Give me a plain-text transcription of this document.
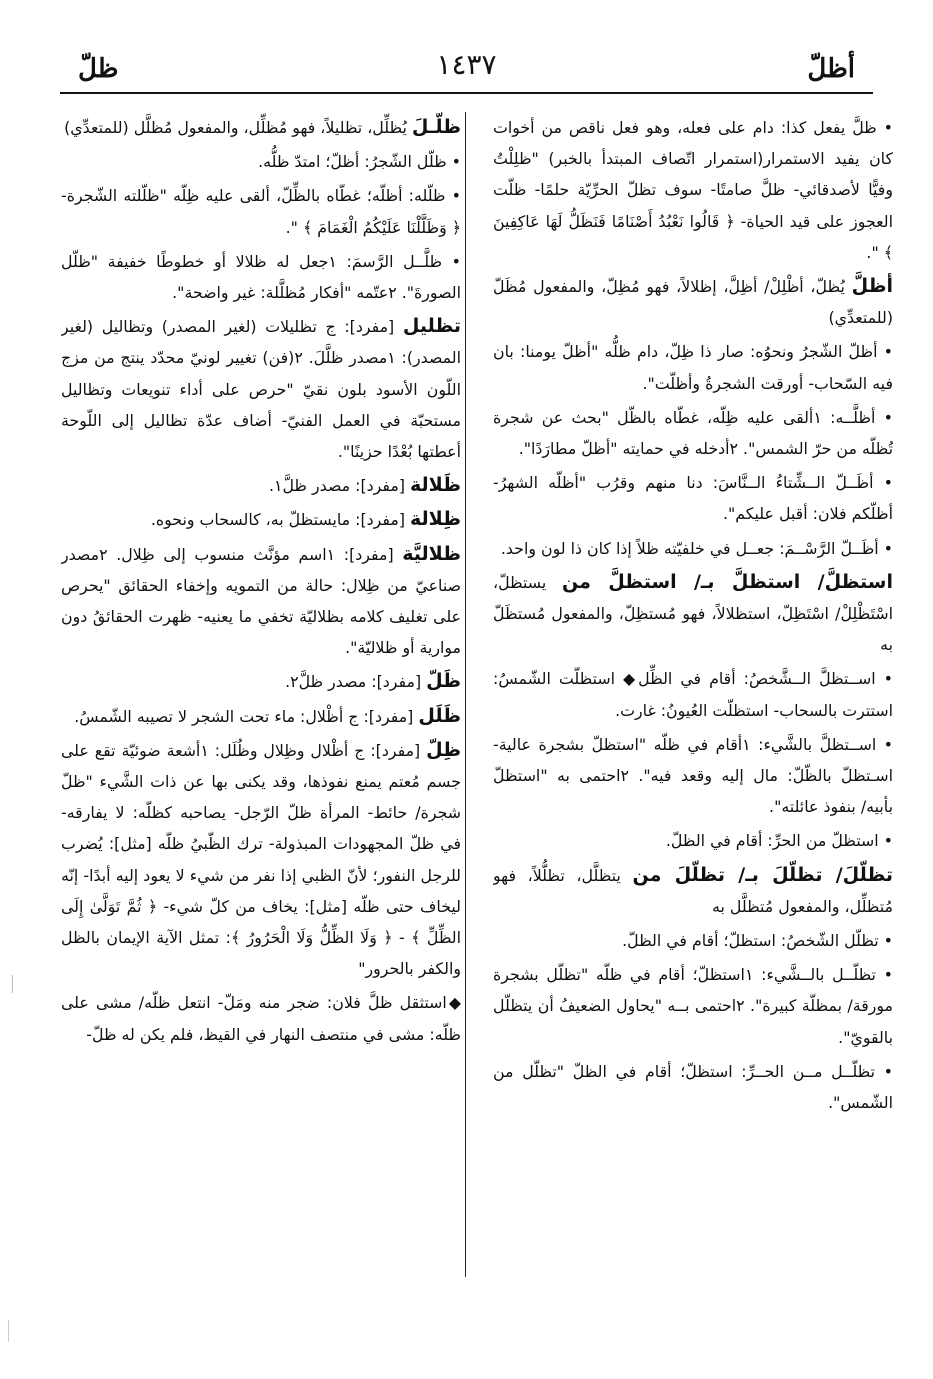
أظلّ
١٤٣٧
ظلّ

• ظلَّ يفعل كذا: دام على فعله، وهو فعل ناقص من أخوات كان يفيد الاستمرار(استمرار اتّصاف المبتدأ بالخبر) "ظلِلْتُ وفيًّا لأصدقائي- ظلَّ صامتًا- سوف تظلّ الحرِّيّة حلمًا- ظلّت العجوز على قيد الحياة- ﴿ قَالُوا نَعْبُدُ أَصْنَامًا فَنَظَلُّ لَهَا عَاكِفِينَ ﴾ ".

أظلَّ يُظلّ، أظْلِلْ/ أظِلَّ، إظلالاً، فهو مُظِلّ، والمفعول مُظَلّ (للمتعدِّي)

• أظلّ الشّجرُ ونحوُه: صار ذا ظِلّ، دام ظلُّه "أظلّ يومنا: بان فيه السّحاب- أورقت الشجرةُ وأظلّت".

• أظلَّــه: ١ألقى عليه ظِلّه، غطّاه بالظّل "بحث عن شجرة تُظلّه من حرّ الشمس". ٢أدخله في حمايته "أظلّ مطارَدًا".

• أظَــلّ الــشِّتاءُ الــنَّاسَ: دنا منهم وقرُب "أظلّه الشهرُ- أظلّكم فلان: أقبل عليكم".

• أظَــلّ الرَّسْــمَ: جعــل في خلفيّته ظلاً إذا كان ذا لون واحد.

استظلَّ/ استظلَّ بـ/ استظلَّ من يستظلّ، اسْتَظْلِلْ/ اسْتَظِلّ، استظلالاً، فهو مُستظِلّ، والمفعول مُستظَلّ به

• اســتظلَّ الــشَّخصُ: أقام في الظِّل◆ استظلّت الشّمسُ: استترت بالسحاب- استظلّت العُيونُ: غارت.

• اســتظلَّ بالشَّيء: ١أقام في ظلّه "استظلّ بشجرة عالية- اسـتظلّ بالظّلّ: مال إليه وقعد فيه". ٢احتمى به "استظلّ بأبيه/ بنفوذ عائلته".

• استظلّ من الحرِّ: أقام في الظلّ.

تظلّلَ/ تظلّلَ بـ/ تظلّلَ من يتظلَّل، تظلُّلاً، فهو مُتظلِّل، والمفعول مُتظلَّل به

• تظلّل الشّخصُ: استظلّ؛ أقام في الظلّ.

• تظلّــل بالــشَّيء: ١استظلّ؛ أقام في ظلّه "تظلّل بشجرة مورقة/ بمظلّة كبيرة". ٢احتمى بــه "يحاول الضعيفُ أن يتظلّل بالقويّ".

• تظلّــل مــن الحــرِّ: استظلّ؛ أقام في الظلّ "تظلّل من الشّمس".

ظلَّـلَ يُظلِّل، تظليلاً، فهو مُظلِّل، والمفعول مُظلَّل (للمتعدِّي)

• ظلّل الشّجرُ: أظلّ؛ امتدّ ظلُّه.

• ظلّله: أظلّه؛ غطّاه بالظِّلّ، ألقى عليه ظِلّه "ظلّلته الشّجرة- ﴿ وَظَلَّلْنَا عَلَيْكُمُ الْغَمَامَ ﴾ ".

• ظلَّــل الرَّسمَ: ١جعل له ظلالا أو خطوطًا خفيفة "ظلّل الصورةَ". ٢عتّمه "أفكار مُظلَّلة: غير واضحة".

تظليل [مفرد]: ج تظليلات (لغير المصدر) وتظاليل (لغير المصدر): ١مصدر ظلَّلَ. ٢(فن) تغيير لونيّ محدّد ينتج من مزج اللّون الأسود بلون نقيّ "حرص على أداء تنويعات وتظاليل مستحبّة في العمل الفنيّ- أضاف عدّة تظاليل إلى اللّوحة أعطتها بُعْدًا حزينًا".

ظَلالة [مفرد]: مصدر ظلَّ١.

ظِلالة [مفرد]: مايستظلّ به، كالسحاب ونحوه.

ظلاليَّة [مفرد]: ١اسم مؤنَّث منسوب إلى ظِلال. ٢مصدر صناعيّ من ظِلال: حالة من التمويه وإخفاء الحقائق "يحرص على تغليف كلامه بظلاليّة تخفي ما يعنيه- ظهرت الحقائقُ دون موارية أو ظلاليّة".

ظَلّ [مفرد]: مصدر ظلَّ٢.

ظَلَل [مفرد]: ج أظْلال: ماء تحت الشجر لا تصيبه الشّمسُ.

ظِلّ [مفرد]: ج أظْلال وظِلال وظُلَل: ١أشعة ضوئيّة تقع على جسم مُعتم يمنع نفوذها، وقد يكنى بها عن ذات الشَّيء "ظلّ شجرة/ حائط- المرأة ظلّ الرّجل- يصاحبه كظلّه: لا يفارقه- في ظلّ المجهودات المبذولة- ترك الظّبيُ ظلّه [مثل]: يُضرب للرجل النفور؛ لأنّ الظبي إذا نفر من شيء لا يعود إليه أبدًا- إنّه ليخاف حتى ظلّه [مثل]: يخاف من كلّ شيء- ﴿ ثُمَّ تَوَلَّىٰ إِلَى الظِّلِّ ﴾ - ﴿ وَلَا الظِّلُّ وَلَا الْحَرُورُ ﴾: تمثل الآية الإيمان بالظل والكفر بالحرور"

◆استثقل ظلَّ فلان: ضجر منه ومَلّ- انتعل ظلّه/ مشى على ظلّه: مشى في منتصف النهار في القيظ، فلم يكن له ظلّ-
